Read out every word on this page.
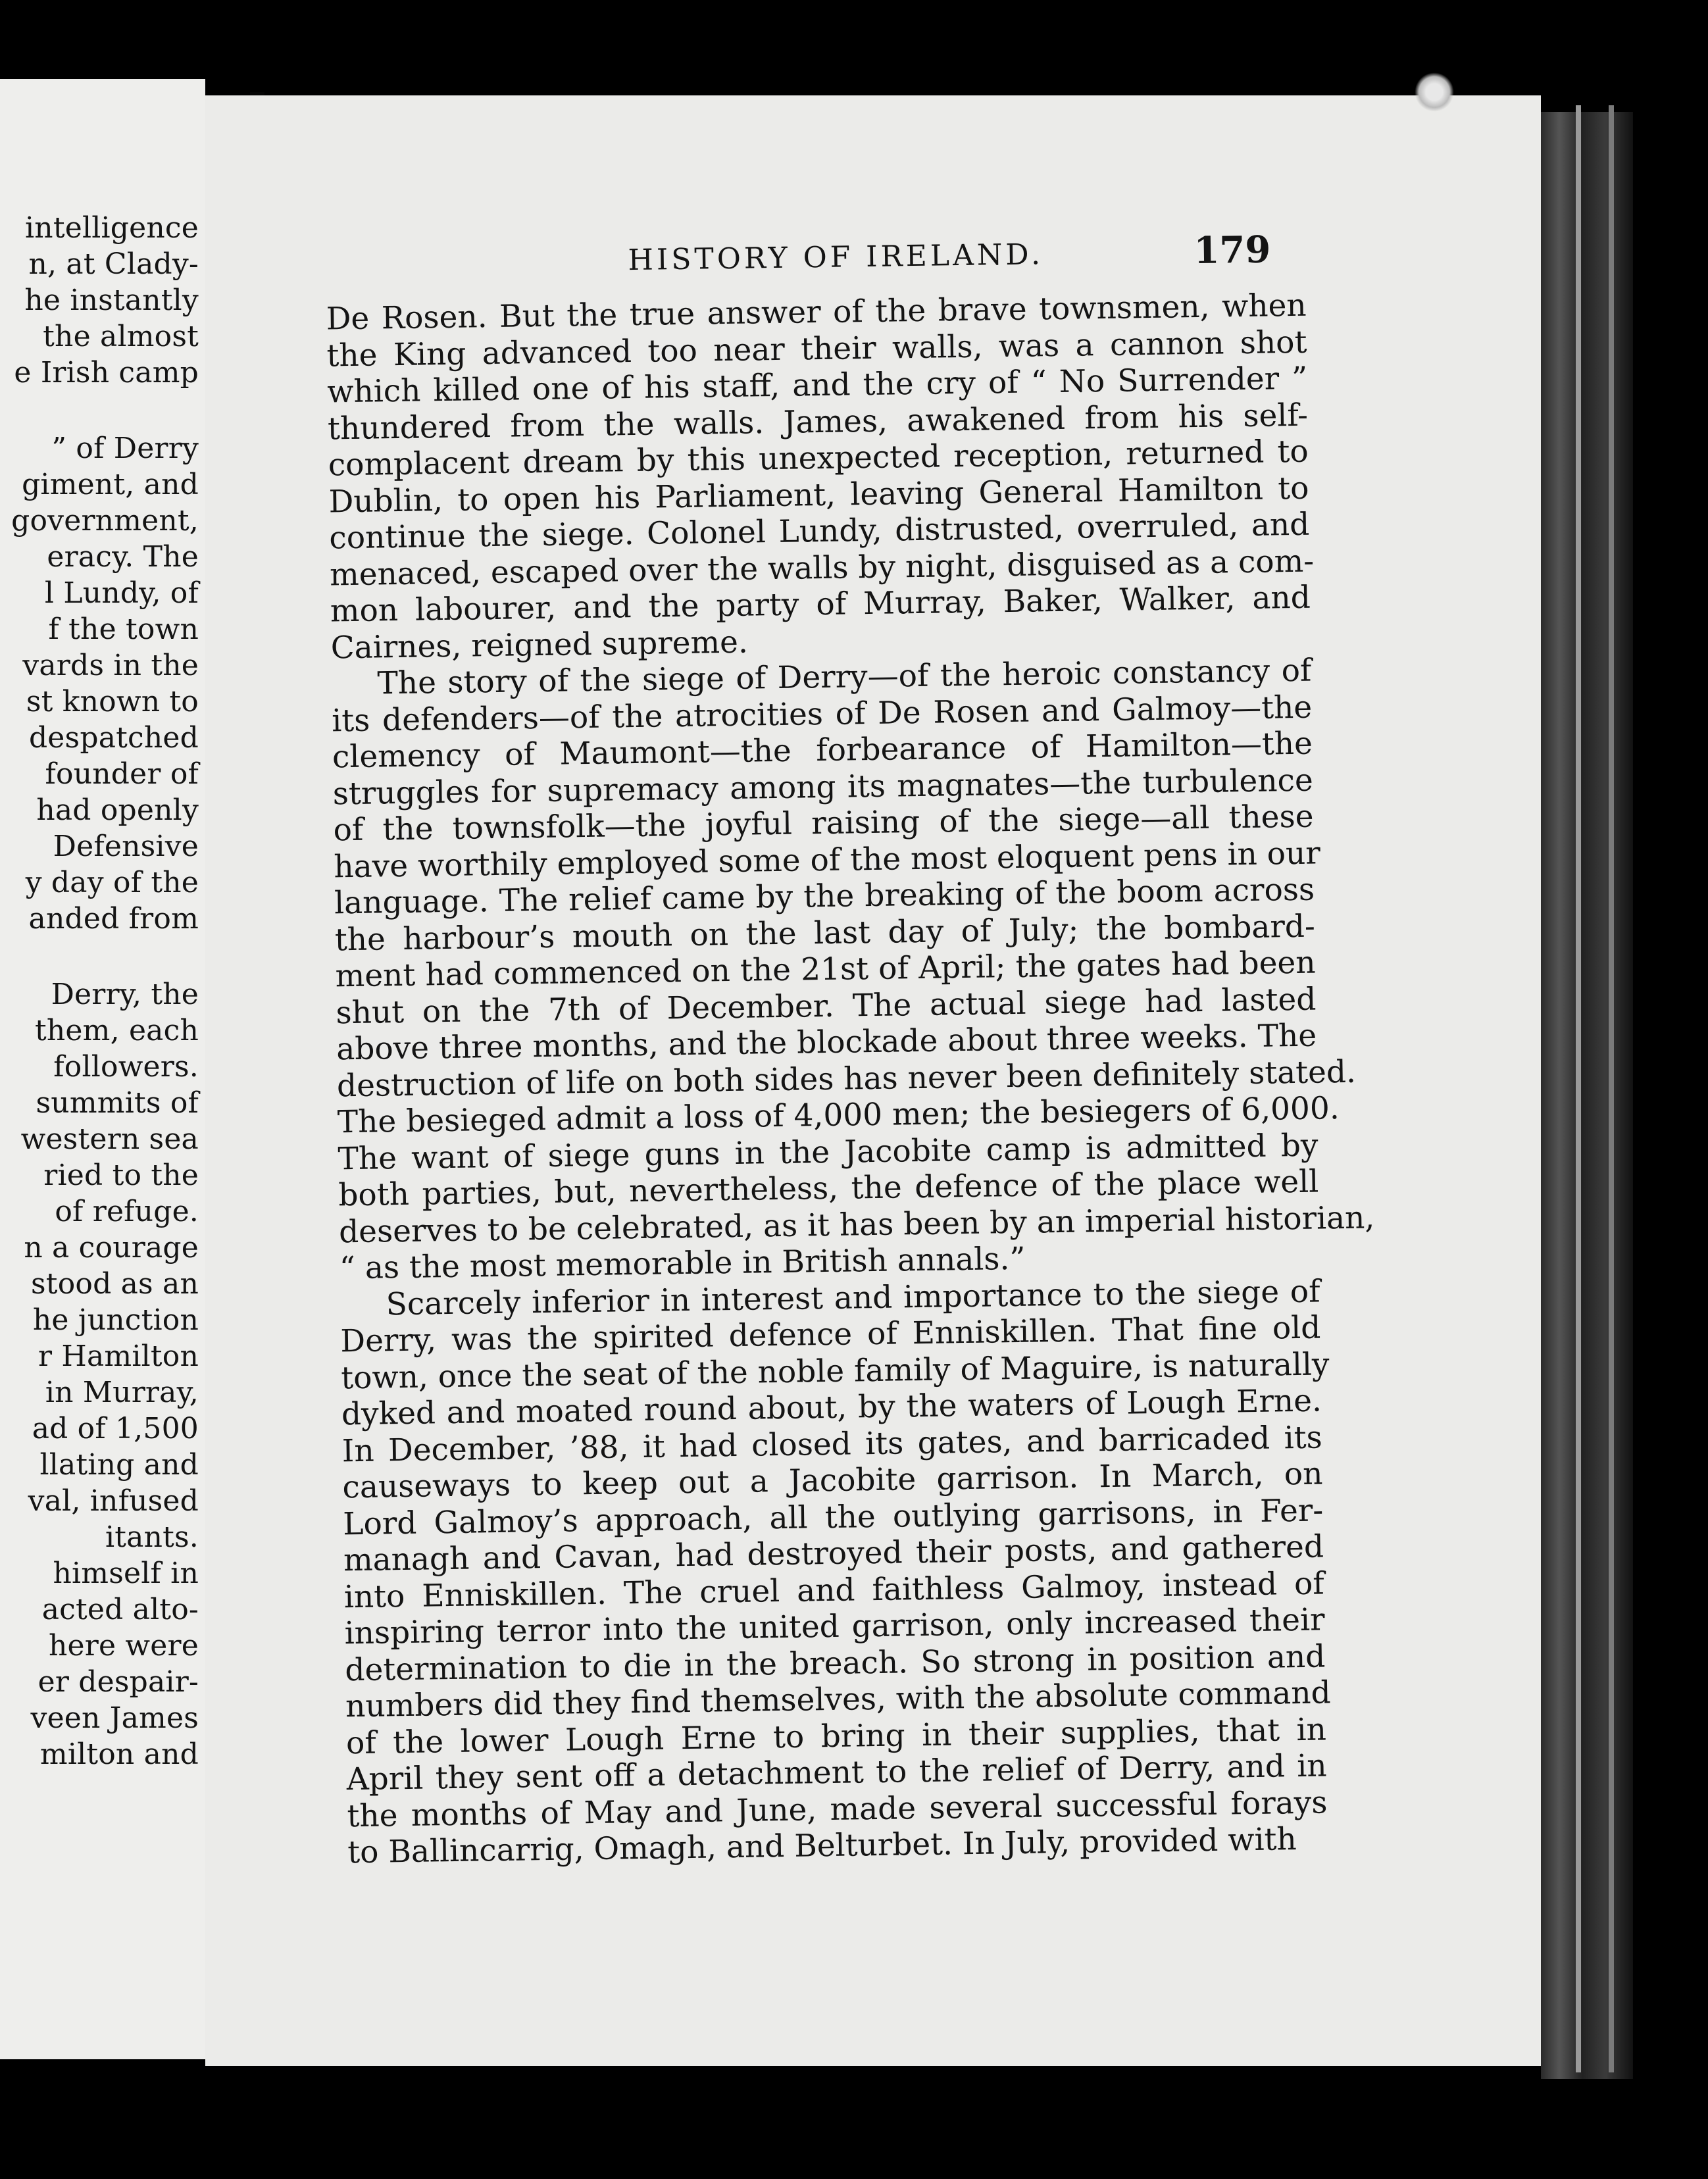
intelligence
n, at Clady-
he instantly
the almost
e Irish camp
” of Derry
giment, and
government,
eracy. The
l Lundy, of
f the town
vards in the
st known to
despatched
founder of
had openly
Defensive
y day of the
anded from
Derry, the
them, each
followers.
summits of
western sea
ried to the
of refuge.
n a courage
stood as an
he junction
r Hamilton
in Murray,
ad of 1,500
llating and
val, infused
itants.
himself in
acted alto-
here were
er despair-
veen James
milton and
HISTORY OF IRELAND.	179
De Rosen. But the true answer of the brave townsmen, when
the King advanced too near their walls, was a cannon shot
which killed one of his staff, and the cry of “ No Surrender ”
thundered from the walls. James, awakened from his self-
complacent dream by this unexpected reception, returned to
Dublin, to open his Parliament, leaving General Hamilton to
continue the siege. Colonel Lundy, distrusted, overruled, and
menaced, escaped over the walls by night, disguised as a com-
mon labourer, and the party of Murray, Baker, Walker, and
Cairnes, reigned supreme.
The story of the siege of Derry—of the heroic constancy of
its defenders—of the atrocities of De Rosen and Galmoy—the
clemency of Maumont—the forbearance of Hamilton—the
struggles for supremacy among its magnates—the turbulence
of the townsfolk—the joyful raising of the siege—all these
have worthily employed some of the most eloquent pens in our
language. The relief came by the breaking of the boom across
the harbour’s mouth on the last day of July; the bombard-
ment had commenced on the 21st of April; the gates had been
shut on the 7th of December. The actual siege had lasted
above three months, and the blockade about three weeks. The
destruction of life on both sides has never been definitely stated.
The besieged admit a loss of 4,000 men; the besiegers of 6,000.
The want of siege guns in the Jacobite camp is admitted by
both parties, but, nevertheless, the defence of the place well
deserves to be celebrated, as it has been by an imperial historian,
“ as the most memorable in British annals.”
Scarcely inferior in interest and importance to the siege of
Derry, was the spirited defence of Enniskillen. That fine old
town, once the seat of the noble family of Maguire, is naturally
dyked and moated round about, by the waters of Lough Erne.
In December, ’88, it had closed its gates, and barricaded its
causeways to keep out a Jacobite garrison. In March, on
Lord Galmoy’s approach, all the outlying garrisons, in Fer-
managh and Cavan, had destroyed their posts, and gathered
into Enniskillen. The cruel and faithless Galmoy, instead of
inspiring terror into the united garrison, only increased their
determination to die in the breach. So strong in position and
numbers did they find themselves, with the absolute command
of the lower Lough Erne to bring in their supplies, that in
April they sent off a detachment to the relief of Derry, and in
the months of May and June, made several successful forays
to Ballincarrig, Omagh, and Belturbet. In July, provided with
